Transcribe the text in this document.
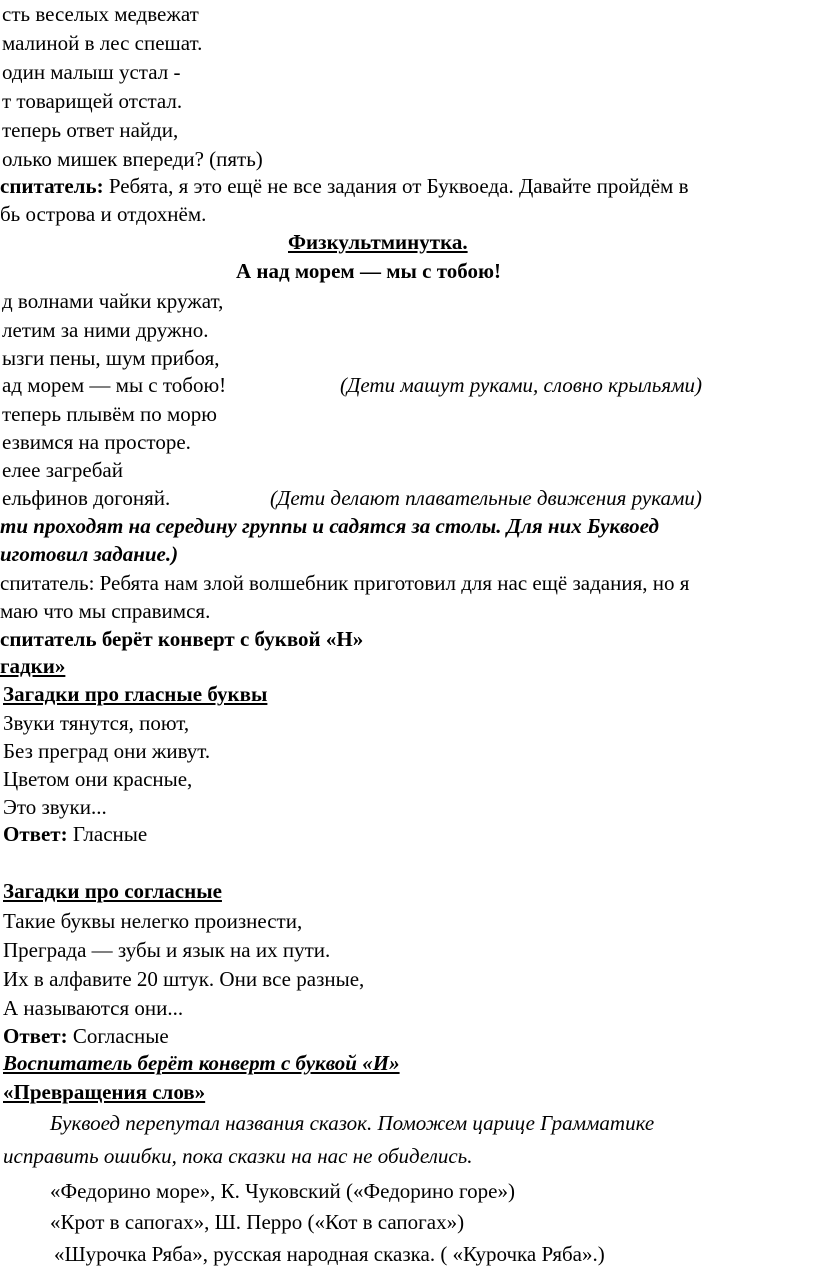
сть веселых медвежат
малиной в лес спешат.
один малыш устал -
т товарищей отстал.
теперь ответ найди,
олько мишек впереди? (пять)
спитатель: Ребята, я это ещё не все задания от Буквоеда. Давайте пройдём в
бь острова и отдохнём.
Физкультминутка.
А над морем — мы с тобою!
д волнами чайки кружат,
летим за ними дружно.
ызги пены, шум прибоя,
ад морем — мы с тобою!	(Дети машут руками, словно крыльями)
теперь плывём по морю
езвимся на просторе.
елее загребай
ельфинов догоняй.	(Дети делают плавательные движения руками)
ти проходят на середину группы и садятся за столы. Для них Буквоед
иготовил задание.)
спитатель: Ребята нам злой волшебник приготовил для нас ещё задания, но я
маю что мы справимся.
спитатель берёт конверт с буквой «Н»
гадки»
Загадки про гласные буквы
Звуки тянутся, поют,
Без преград они живут.
Цветом они красные,
Это звуки...
Ответ: Гласные
Загадки про согласные
Такие буквы нелегко произнести,
Преграда — зубы и язык на их пути.
Их в алфавите 20 штук. Они все разные,
А называются они...
Ответ: Согласные
Воспитатель берёт конверт с буквой «И»
«Превращения слов»
Буквоед перепутал названия сказок. Поможем царице Грамматике
исправить ошибки, пока сказки на нас не обиделись.
«Федорино море», К. Чуковский («Федорино горе»)
«Крот в сапогах», Ш. Перро («Кот в сапогах»)
«Шурочка Ряба», русская народная сказка. ( «Курочка Ряба».)
